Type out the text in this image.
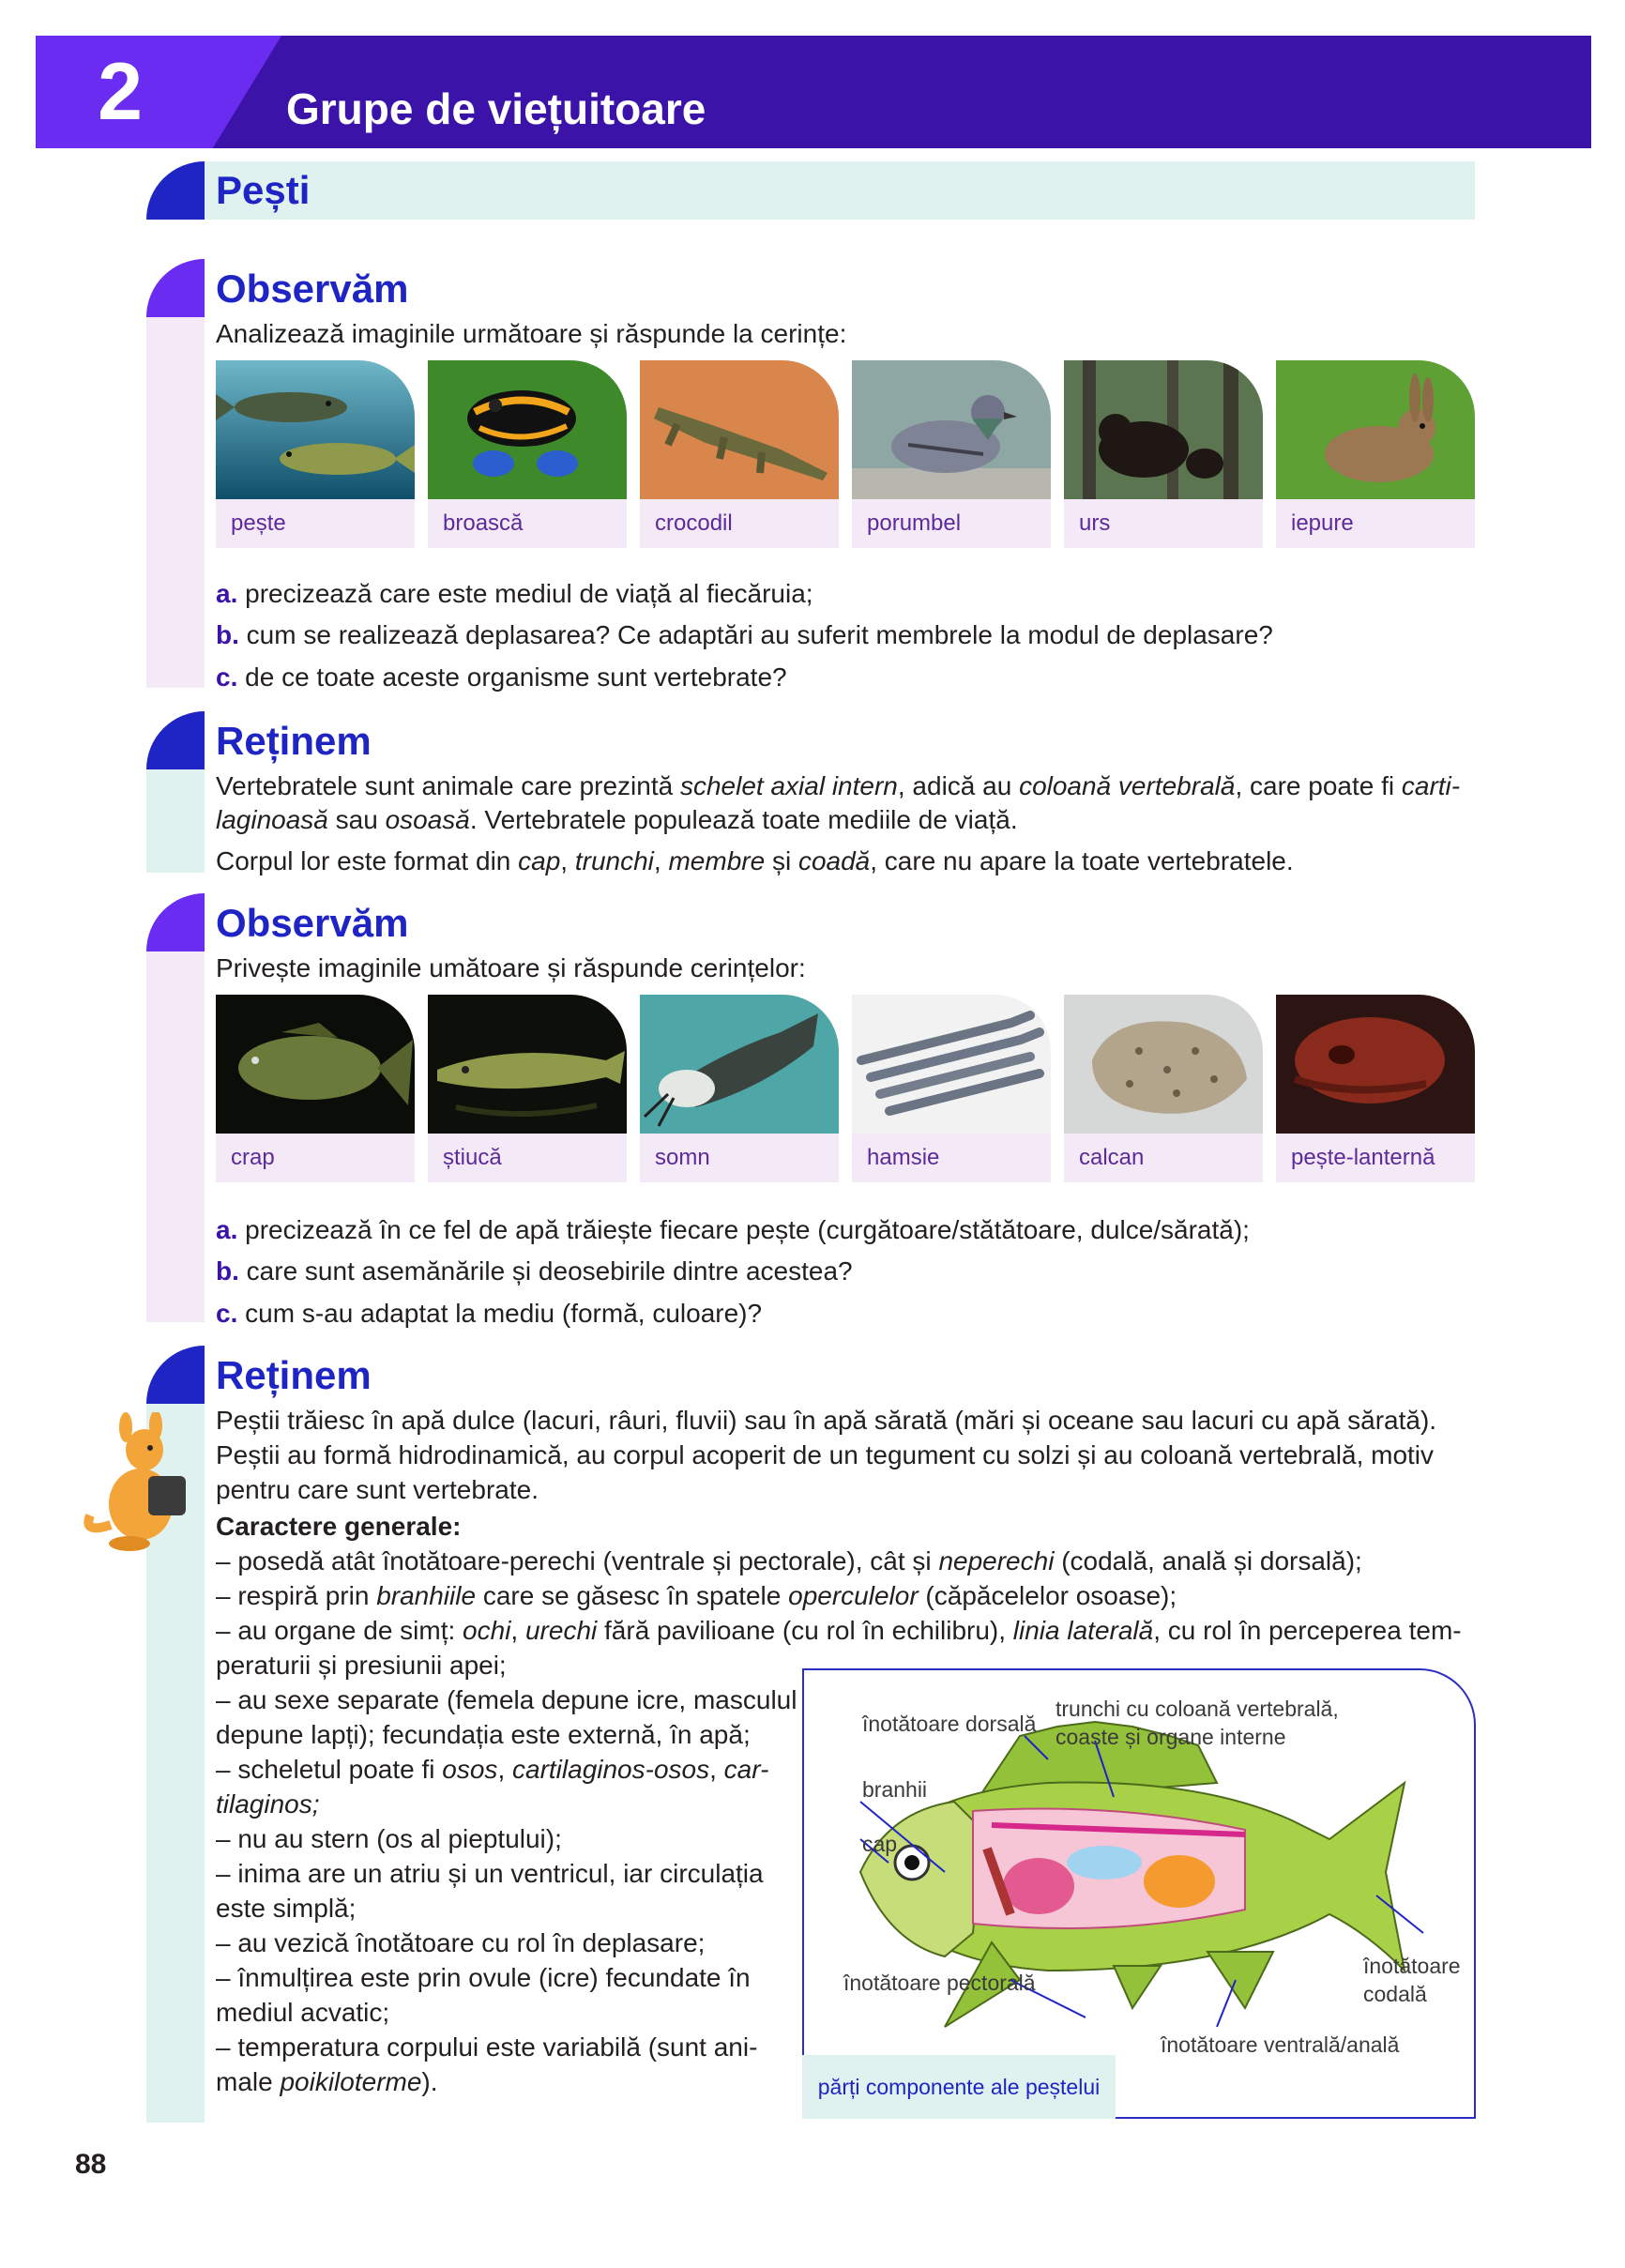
2	Grupe de viețuitoare
Pești
Observăm
Analizează imaginile următoare și răspunde la cerințe:
pește	broască	crocodil	porumbel	urs	iepure
a. precizează care este mediul de viață al fiecăruia;
b. cum se realizează deplasarea? Ce adaptări au suferit membrele la modul de deplasare?
c. de ce toate aceste organisme sunt vertebrate?
Reținem
Vertebratele sunt animale care prezintă schelet axial intern, adică au coloană vertebrală, care poate fi carti-
laginoasă sau osoasă. Vertebratele populează toate mediile de viață.
Corpul lor este format din cap, trunchi, membre și coadă, care nu apare la toate vertebratele.
Observăm
Privește imaginile umătoare și răspunde cerințelor:
crap	știucă	somn	hamsie	calcan	pește-lanternă
a. precizează în ce fel de apă trăiește fiecare pește (curgătoare/stătătoare, dulce/sărată);
b. care sunt asemănările și deosebirile dintre acestea?
c. cum s-au adaptat la mediu (formă, culoare)?
Reținem
Peștii trăiesc în apă dulce (lacuri, râuri, fluvii) sau în apă sărată (mări și oceane sau lacuri cu apă sărată).
Peștii au formă hidrodinamică, au corpul acoperit de un tegument cu solzi și au coloană vertebrală, motiv
pentru care sunt vertebrate.
Caractere generale:
– posedă atât înotătoare-perechi (ventrale și pectorale), cât și neperechi (codală, anală și dorsală);
– respiră prin branhiile care se găsesc în spatele operculelor (căpăcelelor osoase);
– au organe de simț: ochi, urechi fără pavilioane (cu rol în echilibru), linia laterală, cu rol în perceperea tem-
peraturii și presiunii apei;
– au sexe separate (femela depune icre, masculul
depune lapți); fecundația este externă, în apă;
– scheletul poate fi osos, cartilaginos-osos, car-
tilaginos;
– nu au stern (os al pieptului);
– inima are un atriu și un ventricul, iar circulația
este simplă;
– au vezică înotătoare cu rol în deplasare;
– înmulțirea este prin ovule (icre) fecundate în
mediul acvatic;
– temperatura corpului este variabilă (sunt ani-
male poikiloterme).
înotătoare dorsală
trunchi cu coloană vertebrală,
coaste și organe interne
branhii
cap
înotătoare pectorală
înotătoare
codală
înotătoare ventrală/anală
părți componente ale peștelui
88
